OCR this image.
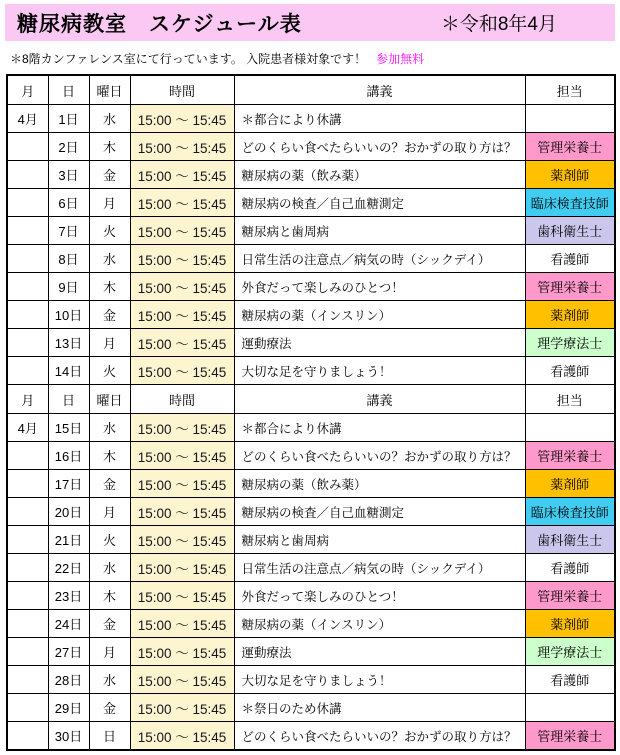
糖尿病教室　スケジュール表	＊令和8年4月
＊8階カンファレンス室にて行っています。 入院患者様対象です！ 参加無料
月	日	曜日	時間	講義	担当
4月	1日	水	15:00 ～ 15:45	＊都合により休講	
	2日	木	15:00 ～ 15:45	どのくらい食べたらいいの？おかずの取り方は？	管理栄養士
	3日	金	15:00 ～ 15:45	糖尿病の薬（飲み薬）	薬剤師
	6日	月	15:00 ～ 15:45	糖尿病の検査／自己血糖測定	臨床検査技師
	7日	火	15:00 ～ 15:45	糖尿病と歯周病	歯科衛生士
	8日	水	15:00 ～ 15:45	日常生活の注意点／病気の時（シックデイ）	看護師
	9日	木	15:00 ～ 15:45	外食だって楽しみのひとつ！	管理栄養士
	10日	金	15:00 ～ 15:45	糖尿病の薬（インスリン）	薬剤師
	13日	月	15:00 ～ 15:45	運動療法	理学療法士
	14日	火	15:00 ～ 15:45	大切な足を守りましょう！	看護師
月	日	曜日	時間	講義	担当
4月	15日	水	15:00 ～ 15:45	＊都合により休講	
	16日	木	15:00 ～ 15:45	どのくらい食べたらいいの？おかずの取り方は？	管理栄養士
	17日	金	15:00 ～ 15:45	糖尿病の薬（飲み薬）	薬剤師
	20日	月	15:00 ～ 15:45	糖尿病の検査／自己血糖測定	臨床検査技師
	21日	火	15:00 ～ 15:45	糖尿病と歯周病	歯科衛生士
	22日	水	15:00 ～ 15:45	日常生活の注意点／病気の時（シックデイ）	看護師
	23日	木	15:00 ～ 15:45	外食だって楽しみのひとつ！	管理栄養士
	24日	金	15:00 ～ 15:45	糖尿病の薬（インスリン）	薬剤師
	27日	月	15:00 ～ 15:45	運動療法	理学療法士
	28日	水	15:00 ～ 15:45	大切な足を守りましょう！	看護師
	29日	金	15:00 ～ 15:45	＊祭日のため休講	
	30日	日	15:00 ～ 15:45	どのくらい食べたらいいの？おかずの取り方は？	管理栄養士
